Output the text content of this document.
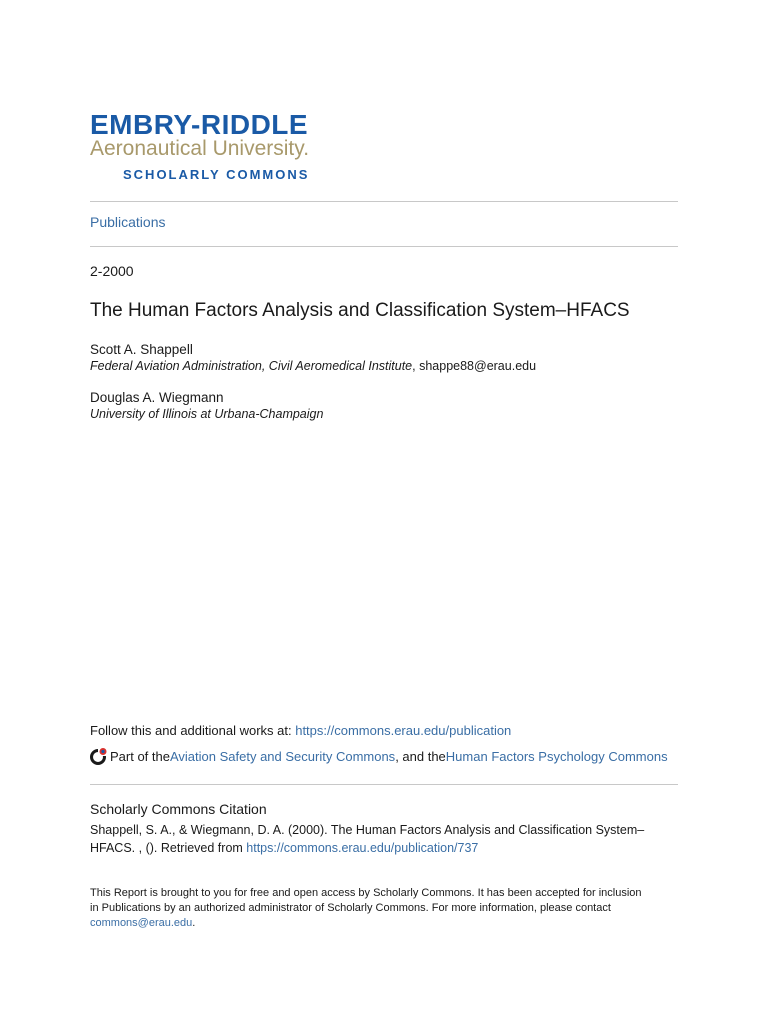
EMBRY-RIDDLE
Aeronautical University.
SCHOLARLY COMMONS
Publications
2-2000
The Human Factors Analysis and Classification System–HFACS
Scott A. Shappell
Federal Aviation Administration, Civil Aeromedical Institute, shappe88@erau.edu
Douglas A. Wiegmann
University of Illinois at Urbana-Champaign
Follow this and additional works at: https://commons.erau.edu/publication
Part of the Aviation Safety and Security Commons , and the Human Factors Psychology Commons
Scholarly Commons Citation
Shappell, S. A., & Wiegmann, D. A. (2000). The Human Factors Analysis and Classification System–
HFACS. , (). Retrieved from https://commons.erau.edu/publication/737
This Report is brought to you for free and open access by Scholarly Commons. It has been accepted for inclusion
in Publications by an authorized administrator of Scholarly Commons. For more information, please contact
commons@erau.edu.
